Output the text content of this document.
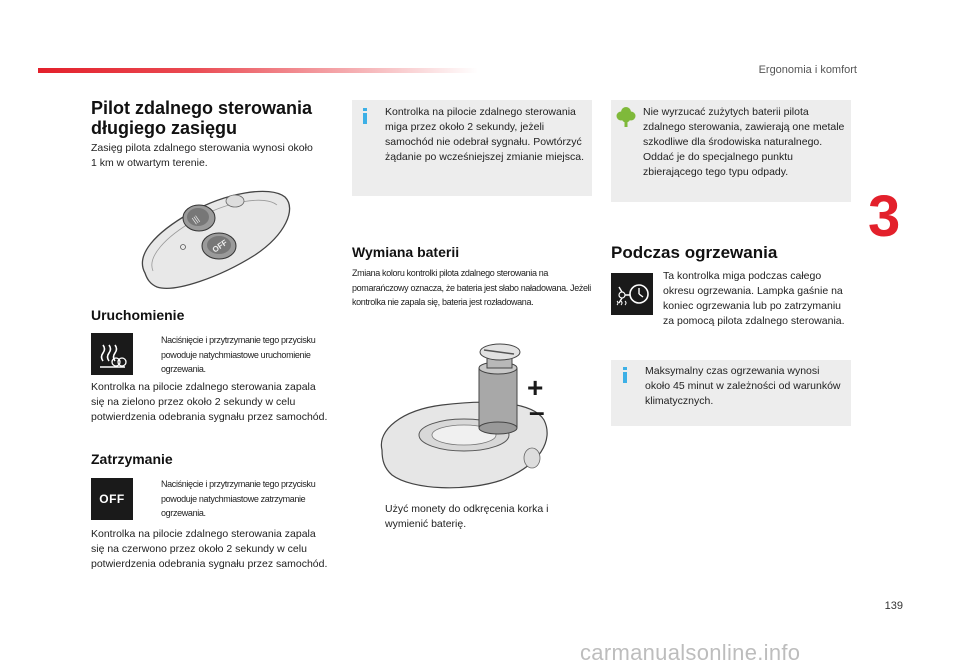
Ergonomia i komfort
3
Pilot zdalnego sterowania długiego zasięgu

Zasięg pilota zdalnego sterowania wynosi około 1 km w otwartym terenie.

|||
OFF

Uruchomienie

Naciśnięcie i przytrzymanie tego przycisku powoduje natychmiastowe uruchomienie ogrzewania.

Kontrolka na pilocie zdalnego sterowania zapala się na zielono przez około 2 sekundy w celu potwierdzenia odebrania sygnału przez samochód.

Zatrzymanie

OFF

Naciśnięcie i przytrzymanie tego przycisku powoduje natychmiastowe zatrzymanie ogrzewania.

Kontrolka na pilocie zdalnego sterowania zapala się na czerwono przez około 2 sekundy w celu potwierdzenia odebrania sygnału przez samochód.

Kontrolka na pilocie zdalnego sterowania miga przez około 2 sekundy, jeżeli samochód nie odebrał sygnału. Powtórzyć żądanie po wcześniejszej zmianie miejsca.

Wymiana baterii

Zmiana koloru kontrolki pilota zdalnego sterowania na pomarańczowy oznacza, że bateria jest słabo naładowana. Jeżeli kontrolka nie zapala się, bateria jest rozładowana.

+
–

Użyć monety do odkręcenia korka i wymienić baterię.

Nie wyrzucać zużytych baterii pilota zdalnego sterowania, zawierają one metale szkodliwe dla środowiska naturalnego. Oddać je do specjalnego punktu zbierającego tego typu odpady.

Podczas ogrzewania

Ta kontrolka miga podczas całego okresu ogrzewania. Lampka gaśnie na koniec ogrzewania lub po zatrzymaniu za pomocą pilota zdalnego sterowania.

Maksymalny czas ogrzewania wynosi około 45 minut w zależności od warunków klimatycznych.

139
carmanualsonline.info
